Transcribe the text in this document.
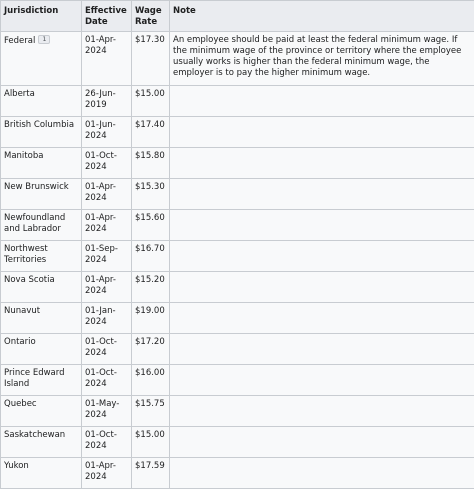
Jurisdiction	Effective Date	Wage Rate	Note
Federal 1	01-Apr-2024	$17.30	An employee should be paid at least the federal minimum wage. If the minimum wage of the province or territory where the employee usually works is higher than the federal minimum wage, the employer is to pay the higher minimum wage.
Alberta	26-Jun-2019	$15.00	
British Columbia	01-Jun-2024	$17.40	
Manitoba	01-Oct-2024	$15.80	
New Brunswick	01-Apr-2024	$15.30	
Newfoundland and Labrador	01-Apr-2024	$15.60	
Northwest Territories	01-Sep-2024	$16.70	
Nova Scotia	01-Apr-2024	$15.20	
Nunavut	01-Jan-2024	$19.00	
Ontario	01-Oct-2024	$17.20	
Prince Edward Island	01-Oct-2024	$16.00	
Quebec	01-May-2024	$15.75	
Saskatchewan	01-Oct-2024	$15.00	
Yukon	01-Apr-2024	$17.59	
